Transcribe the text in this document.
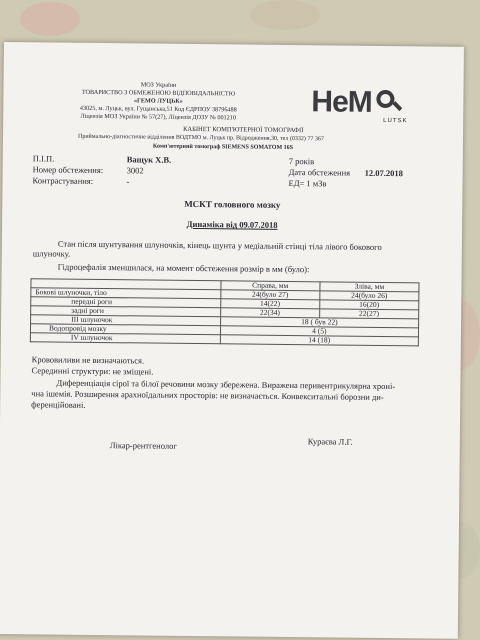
МОЗ України
ТОВАРИСТВО З ОБМЕЖЕНОЮ ВІДПОВІДАЛЬНІСТЮ
«ГЕМО ЛУЦЬК»
43025, м. Луцьк, вул. Гущанська,51 Код ЄДРПОУ 38796488
Ліцензія МОЗ України № 57(27), Ліцензія ДОЗУ № 001210	НеМ
LUTSK
КАБІНЕТ КОМП'ЮТЕРНОЇ ТОМОГРАФІЇ
Приймально-діагностичне відділення ВОДТМО м. Луцьк пр. Відродження,30, тел (0332) 77 367
Комп'ютерний томограф SIEMENS SOMATOM 16S
П.І.П.	Ващук Х.В.
Номер обстеження:	3002
Контрастування:	-
7 років
Дата обстеження 12.07.2018
ЕД= 1 мЗв
МСКТ головного мозку
Динаміка від 09.07.2018
Стан після шунтування шлуночків, кінець шунта у медіальній стінці тіла лівого бокового
шлуночку.
Гідроцефалія зменшилася, на момент обстеження розмір в мм (було):
	Справа, мм	Зліва, мм
Бокові шлуночки, тіло	24(було 27)	24(було 26)
передні роги	14(22)	16(20)
задні роги	22(34)	22(27)
III шлуночок	18 ( був 22)	
Водопровід мозку	4 (5)	
IV шлуночок	14 (18)	
Крововиливи не визначаються.
Серединні структури: не зміщені.
Диференціація сірої та білої речовини мозку збережена. Виражена перивентрикулярна хроні-
чна ішемія. Розширення арахноїдальних просторів: не визначається. Конвекситальні борозни ди-
ференційовані.
Лікар-рентгенолог	Кураєва Л.Г.
